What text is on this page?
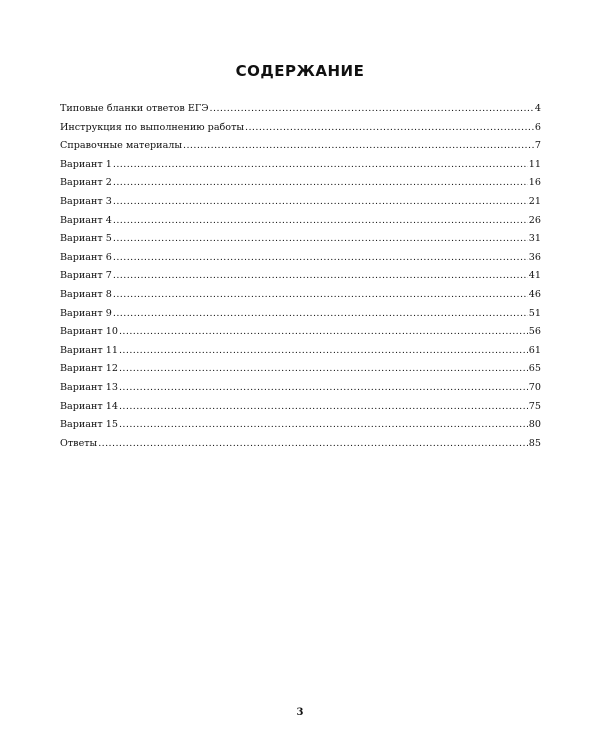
СОДЕРЖАНИЕ
Типовые бланки ответов ЕГЭ .....	4
Инструкция по выполнению работы .....	6
Справочные материалы .....	7
Вариант 1 .....	11
Вариант 2 .....	16
Вариант 3 .....	21
Вариант 4 .....	26
Вариант 5 .....	31
Вариант 6 .....	36
Вариант 7 .....	41
Вариант 8 .....	46
Вариант 9 .....	51
Вариант 10 .....	56
Вариант 11 .....	61
Вариант 12 .....	65
Вариант 13 .....	70
Вариант 14 .....	75
Вариант 15 .....	80
Ответы .....	85
3
